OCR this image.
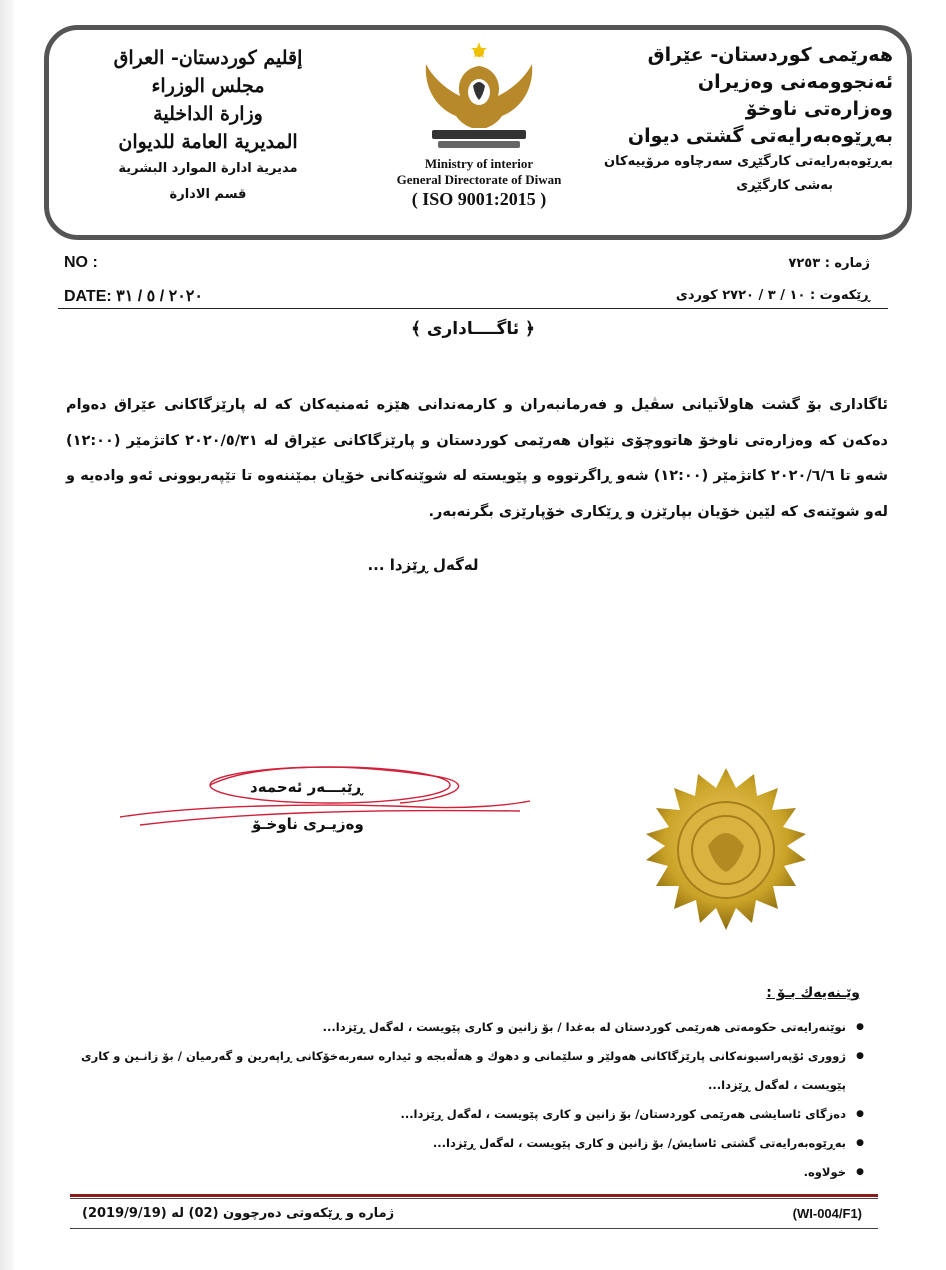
هەرێمی کوردستان- عێراق
ئەنجوومەنی وەزیران
وەزارەتی ناوخۆ
بەڕێوەبەرایەتی گشتی دیوان
بەڕێوەبەرایەتی کارگێڕی سەرچاوە مرۆییەکان
بەشی کارگێڕی
Ministry of interior
General Directorate of Diwan
( ISO 9001:2015 )
إقليم كوردستان- العراق
مجلس الوزراء
وزارة الداخلية
المديرية العامة للديوان
مديرية ادارة الموارد البشرية
قسم الادارة
NO :
DATE: ٢٠٢٠ / ٥ / ٣١
ژمارە : ٧٢٥٣
ڕێکەوت : ١٠ / ٣ / ٢٧٢٠ کوردی
﴿ ئاگــــاداری ﴾
ئاگاداری بۆ گشت هاولاَتیانی سڤیل و فەرمانبەران و کارمەندانی هێزە ئەمنیەکان کە لە پارێزگاکانی عێراق دەوام دەکەن کە وەزارەتی ناوخۆ هاتووچۆی نێوان هەرێمی کوردستان و پارێزگاکانی عێراق لە ٢٠٢٠/٥/٣١ کاتژمێر (١٢:٠٠) شەو تا ٢٠٢٠/٦/٦ کاتژمێر (١٢:٠٠) شەو ڕاگرتووە و پێویستە لە شوێنەکانی خۆیان بمێننەوە تا تێپەربوونی ئەو وادەیە و لەو شوێنەی کە لێین خۆیان بپارێزن و ڕێکاری خۆپارێزی بگرنەبەر.
لەگەل ڕێزدا ...
ڕێبـــەر ئەحمەد
وەزیـری ناوخـۆ
وێـنەیەك بـۆ :
● نوێنەرایەتی حکومەتی هەرێمی کوردستان لە بەغدا / بۆ زانین و کاری پێویست ، لەگەل ڕێزدا...
● ژووری ئۆپەراسیونەکانی پارێزگاکانی هەولێر و سلێمانی و دهوك و هەڵەبجە و ئیدارە سەربەخۆکانی ڕاپەرین و گەرمیان / بۆ زانـین و کاری پێویست ، لەگەل ڕێزدا...
● دەزگای ئاسایشی هەرێمی کوردستان/ بۆ زانین و کاری پێویست ، لەگەل ڕێزدا...
● بەڕێوەبەرایەتی گشتی ئاسایش/ بۆ زانین و کاری پێویست ، لەگەل ڕێزدا...
● خولاوە.
(WI-004/F1)
ژمارە و ڕێکەوتی دەرچوون (02) لە (2019/9/19)
